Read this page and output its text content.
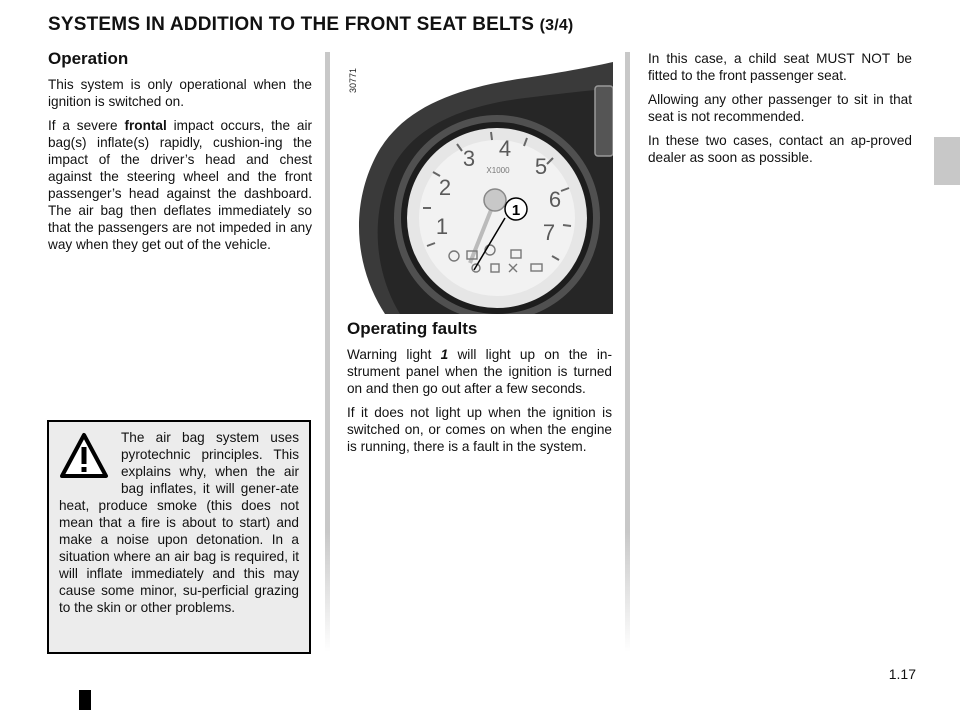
SYSTEMS IN ADDITION TO THE FRONT SEAT BELTS (3/4)
Operation

This system is only operational when the ignition is switched on.

If a severe frontal impact occurs, the air bag(s) inflate(s) rapidly, cushion-ing the impact of the driver’s head and chest against the steering wheel and the front passenger’s head against the dashboard. The air bag then deflates immediately so that the passengers are not impeded in any way when they get out of the vehicle.

The air bag system uses pyrotechnic principles. This explains why, when the air bag inflates, it will gener-ate heat, produce smoke (this does not mean that a fire is about to start) and make a noise upon detonation. In a situation where an air bag is required, it will inflate immediately and this may cause some minor, su-perficial grazing to the skin or other problems.

1
2
3 4
5
6
7
X1000
1
30771
Operating faults

Warning light 1 will light up on the in-strument panel when the ignition is turned on and then go out after a few seconds.

If it does not light up when the ignition is switched on, or comes on when the engine is running, there is a fault in the system.

In this case, a child seat MUST NOT be fitted to the front passenger seat.

Allowing any other passenger to sit in that seat is not recommended.

In these two cases, contact an ap-proved dealer as soon as possible.

1.17
